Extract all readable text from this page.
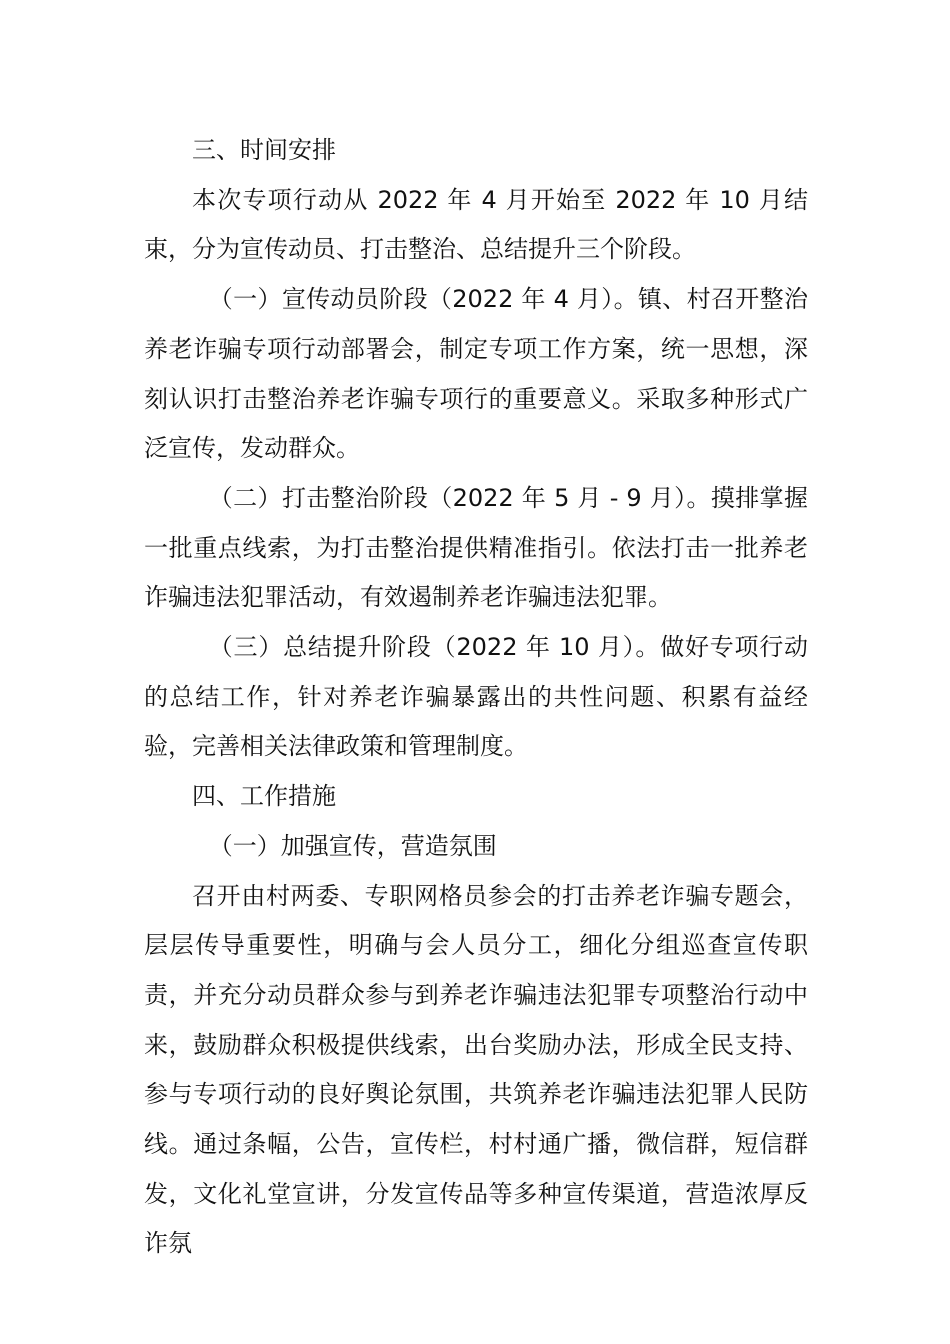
三、时间安排

本次专项行动从 2022 年 4 月开始至 2022 年 10 月结束，分为宣传动员、打击整治、总结提升三个阶段。

（一）宣传动员阶段（2022 年 4 月）。镇、村召开整治养老诈骗专项行动部署会，制定专项工作方案，统一思想，深刻认识打击整治养老诈骗专项行的重要意义。采取多种形式广泛宣传，发动群众。

（二）打击整治阶段（2022 年 5 月 - 9 月）。摸排掌握一批重点线索，为打击整治提供精准指引。依法打击一批养老诈骗违法犯罪活动，有效遏制养老诈骗违法犯罪。

（三）总结提升阶段（2022 年 10 月）。做好专项行动的总结工作，针对养老诈骗暴露出的共性问题、积累有益经验，完善相关法律政策和管理制度。

四、工作措施

（一）加强宣传，营造氛围

召开由村两委、专职网格员参会的打击养老诈骗专题会，层层传导重要性，明确与会人员分工，细化分组巡查宣传职责，并充分动员群众参与到养老诈骗违法犯罪专项整治行动中来，鼓励群众积极提供线索，出台奖励办法，形成全民支持、参与专项行动的良好舆论氛围，共筑养老诈骗违法犯罪人民防线。通过条幅，公告，宣传栏，村村通广播，微信群，短信群发，文化礼堂宣讲，分发宣传品等多种宣传渠道，营造浓厚反诈氛
